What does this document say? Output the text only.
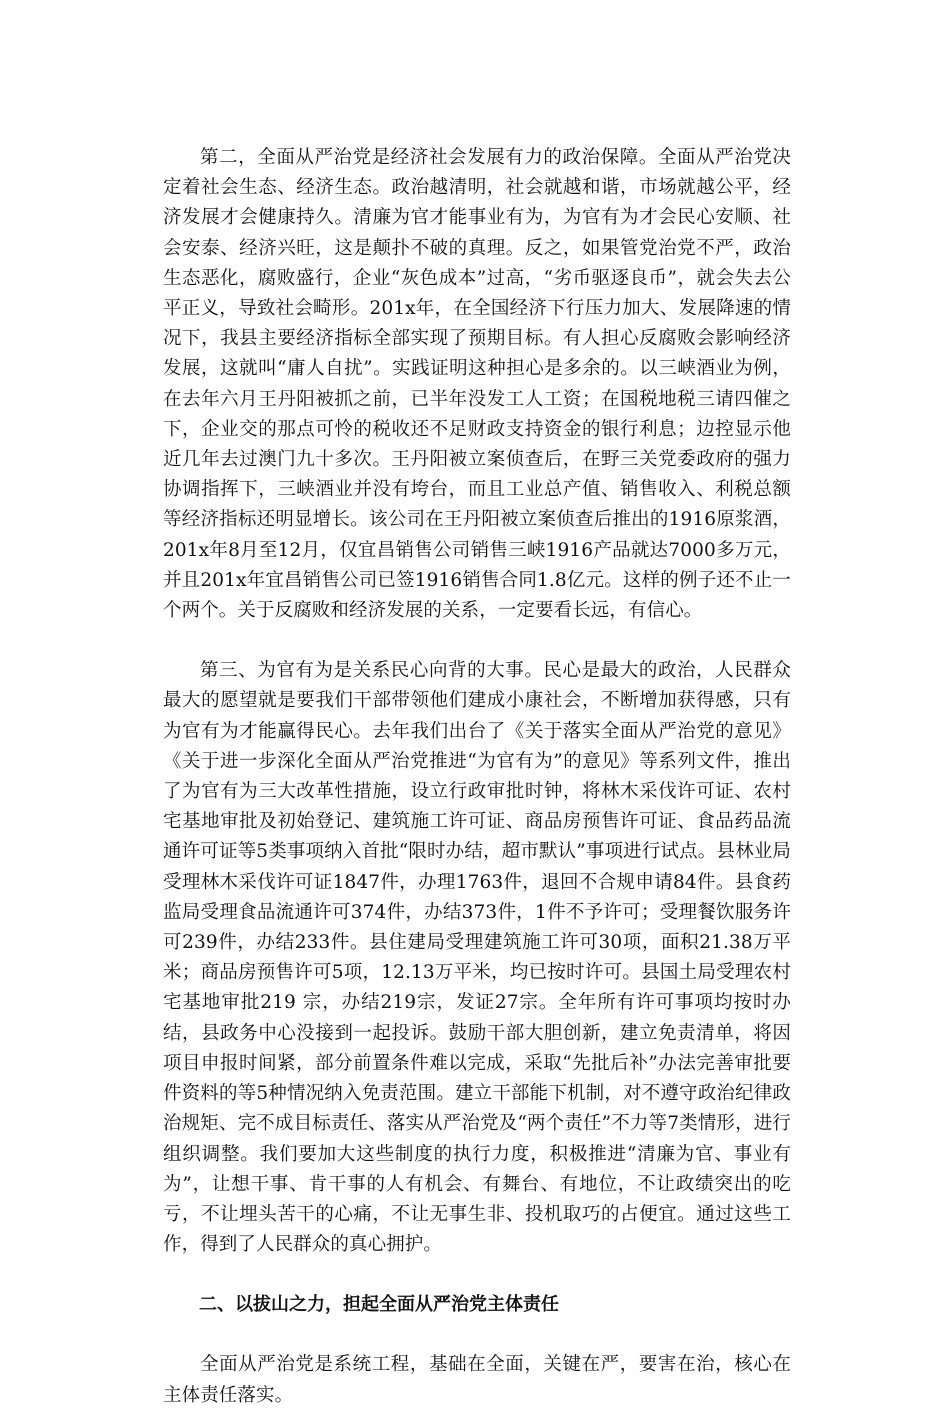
第二，全面从严治党是经济社会发展有力的政治保障。全面从严治党决定着社会生态、经济生态。政治越清明，社会就越和谐，市场就越公平，经济发展才会健康持久。清廉为官才能事业有为，为官有为才会民心安顺、社会安泰、经济兴旺，这是颠扑不破的真理。反之，如果管党治党不严，政治生态恶化，腐败盛行，企业“灰色成本”过高，“劣币驱逐良币”，就会失去公平正义，导致社会畸形。201x年，在全国经济下行压力加大、发展降速的情况下，我县主要经济指标全部实现了预期目标。有人担心反腐败会影响经济发展，这就叫“庸人自扰”。实践证明这种担心是多余的。以三峡酒业为例，在去年六月王丹阳被抓之前，已半年没发工人工资；在国税地税三请四催之下，企业交的那点可怜的税收还不足财政支持资金的银行利息；边控显示他近几年去过澳门九十多次。王丹阳被立案侦查后，在野三关党委政府的强力协调指挥下，三峡酒业并没有垮台，而且工业总产值、销售收入、利税总额等经济指标还明显增长。该公司在王丹阳被立案侦查后推出的1916原浆酒，201x年8月至12月，仅宜昌销售公司销售三峡1916产品就达7000多万元，并且201x年宜昌销售公司已签1916销售合同1.8亿元。这样的例子还不止一个两个。关于反腐败和经济发展的关系，一定要看长远，有信心。

第三、为官有为是关系民心向背的大事。民心是最大的政治，人民群众最大的愿望就是要我们干部带领他们建成小康社会，不断增加获得感，只有为官有为才能赢得民心。去年我们出台了《关于落实全面从严治党的意见》《关于进一步深化全面从严治党推进“为官有为”的意见》等系列文件，推出了为官有为三大改革性措施，设立行政审批时钟，将林木采伐许可证、农村宅基地审批及初始登记、建筑施工许可证、商品房预售许可证、食品药品流通许可证等5类事项纳入首批“限时办结，超市默认”事项进行试点。县林业局受理林木采伐许可证1847件，办理1763件，退回不合规申请84件。县食药监局受理食品流通许可374件，办结373件，1件不予许可；受理餐饮服务许可239件，办结233件。县住建局受理建筑施工许可30项，面积21.38万平米；商品房预售许可5项，12.13万平米，均已按时许可。县国土局受理农村宅基地审批219 宗，办结219宗，发证27宗。全年所有许可事项均按时办结，县政务中心没接到一起投诉。鼓励干部大胆创新，建立免责清单，将因项目申报时间紧，部分前置条件难以完成，采取“先批后补”办法完善审批要件资料的等5种情况纳入免责范围。建立干部能下机制，对不遵守政治纪律政治规矩、完不成目标责任、落实从严治党及“两个责任”不力等7类情形，进行组织调整。我们要加大这些制度的执行力度，积极推进“清廉为官、事业有为”，让想干事、肯干事的人有机会、有舞台、有地位，不让政绩突出的吃亏，不让埋头苦干的心痛，不让无事生非、投机取巧的占便宜。通过这些工作，得到了人民群众的真心拥护。

二、以拔山之力，担起全面从严治党主体责任

全面从严治党是系统工程，基础在全面，关键在严，要害在治，核心在主体责任落实。
